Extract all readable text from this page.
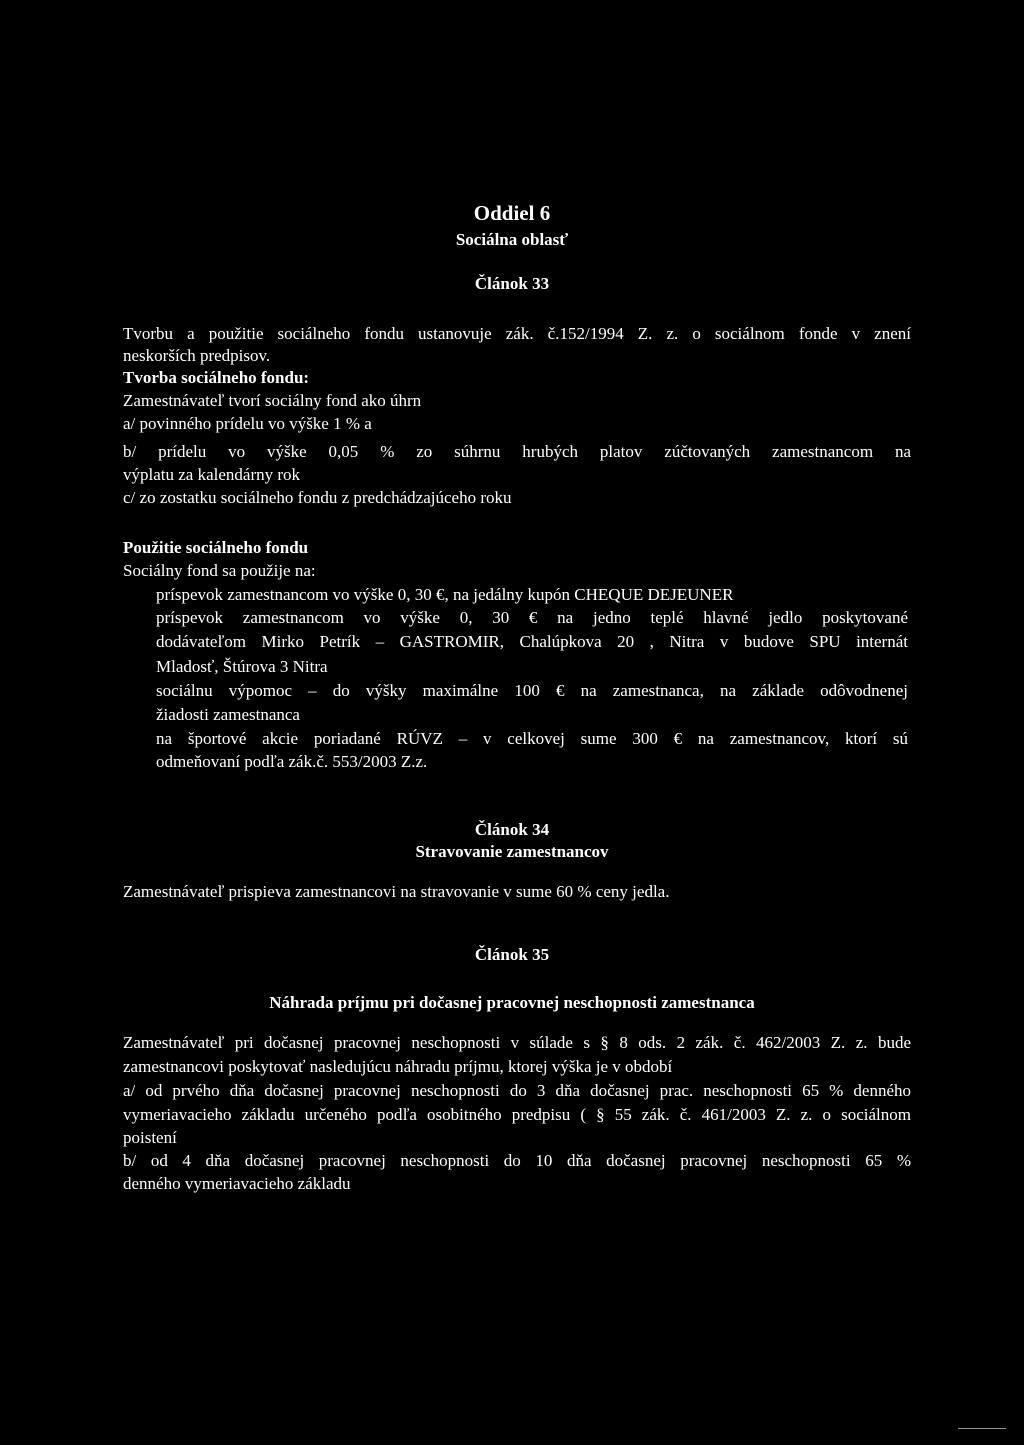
Oddiel 6
Sociálna oblasť
Článok 33
Tvorbu a použitie sociálneho fondu ustanovuje zák. č.152/1994 Z. z. o sociálnom fonde v znení
neskorších predpisov.
Tvorba sociálneho fondu:
Zamestnávateľ tvorí sociálny fond ako úhrn
a/ povinného prídelu vo výške 1 % a
b/ prídelu vo výške 0,05 % zo súhrnu hrubých platov zúčtovaných zamestnancom na
výplatu za kalendárny rok
c/ zo zostatku sociálneho fondu z predchádzajúceho roku
Použitie sociálneho fondu
Sociálny fond sa použije na:
príspevok zamestnancom vo výške 0, 30 €, na jedálny kupón CHEQUE DEJEUNER
príspevok zamestnancom vo výške 0, 30 € na jedno teplé hlavné jedlo poskytované
dodávateľom Mirko Petrík – GASTROMIR, Chalúpkova 20 , Nitra v budove SPU internát
Mladosť, Štúrova 3 Nitra
sociálnu výpomoc – do výšky maximálne 100 € na zamestnanca, na základe odôvodnenej
žiadosti zamestnanca
na športové akcie poriadané RÚVZ – v celkovej sume 300 € na zamestnancov, ktorí sú
odmeňovaní podľa zák.č. 553/2003 Z.z.
Článok 34
Stravovanie zamestnancov
Zamestnávateľ prispieva zamestnancovi na stravovanie v sume 60 % ceny jedla.
Článok 35
Náhrada príjmu pri dočasnej pracovnej neschopnosti zamestnanca
Zamestnávateľ pri dočasnej pracovnej neschopnosti v súlade s § 8 ods. 2 zák. č. 462/2003 Z. z. bude
zamestnancovi poskytovať nasledujúcu náhradu príjmu, ktorej výška je v období
a/ od prvého dňa dočasnej pracovnej neschopnosti do 3 dňa dočasnej prac. neschopnosti 65 % denného
vymeriavacieho základu určeného podľa osobitného predpisu ( § 55 zák. č. 461/2003 Z. z. o sociálnom
poistení
b/ od 4 dňa dočasnej pracovnej neschopnosti do 10 dňa dočasnej pracovnej neschopnosti 65 %
denného vymeriavacieho základu
